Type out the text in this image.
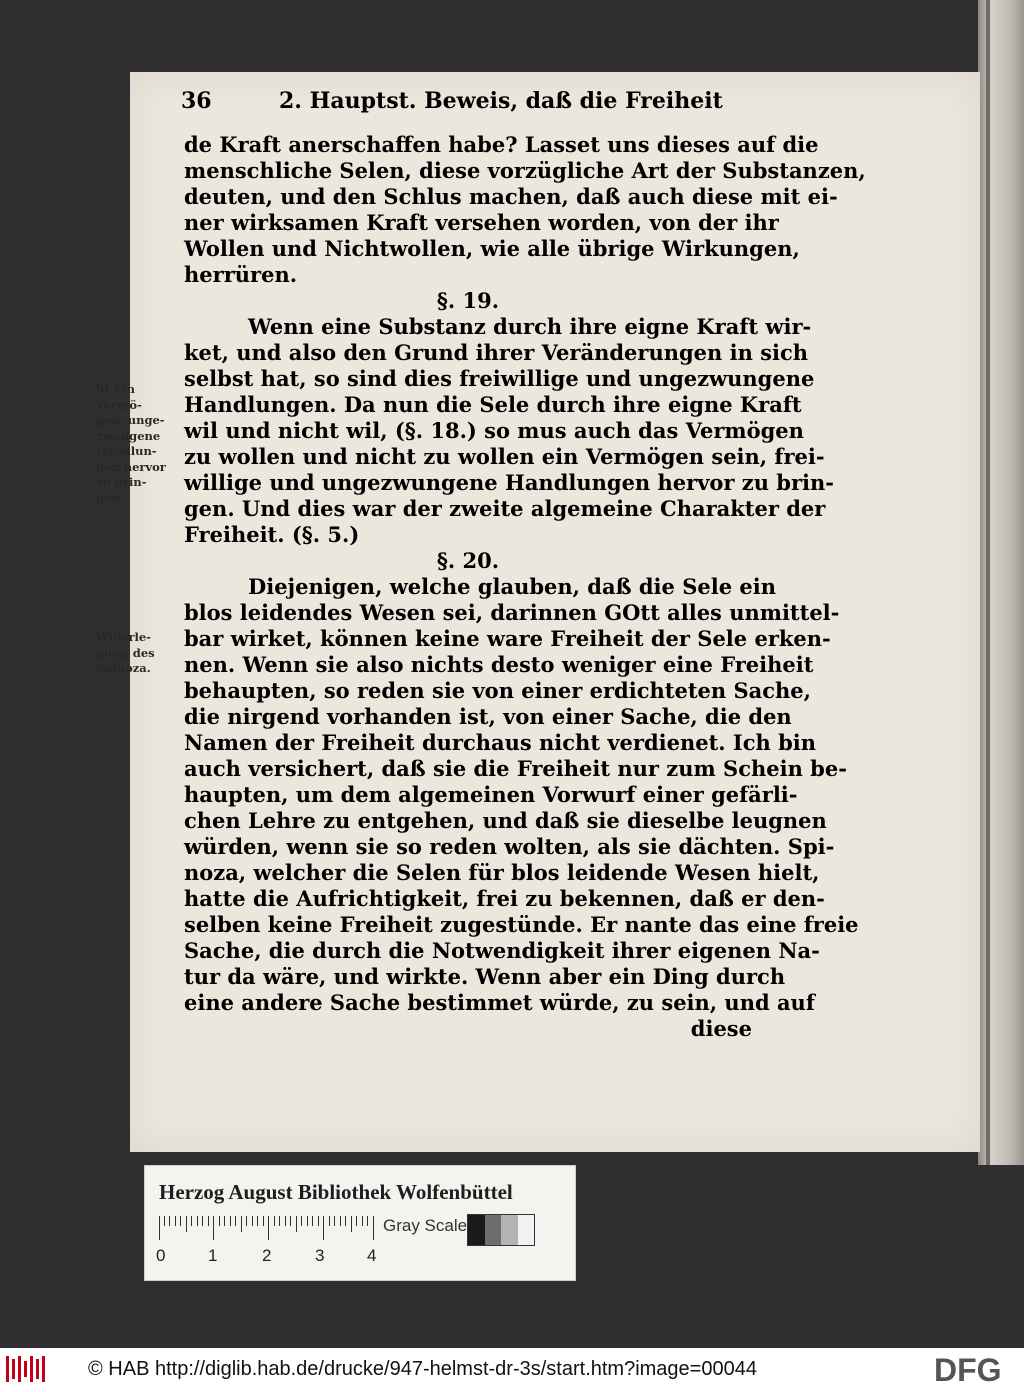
36	2. Hauptst. Beweis, daß die Freiheit
de Kraft anerschaffen habe? Lasset uns dieses auf die
menschliche Selen, diese vorzügliche Art der Substanzen,
deuten, und den Schlus machen, daß auch diese mit ei-
ner wirksamen Kraft versehen worden, von der ihr
Wollen und Nichtwollen, wie alle übrige Wirkungen,
herrüren.
§. 19.
Wenn eine Substanz durch ihre eigne Kraft wir-
ket, und also den Grund ihrer Veränderungen in sich
selbst hat, so sind dies freiwillige und ungezwungene
Handlungen. Da nun die Sele durch ihre eigne Kraft
wil und nicht wil, (§. 18.) so mus auch das Vermögen
zu wollen und nicht zu wollen ein Vermögen sein, frei-
willige und ungezwungene Handlungen hervor zu brin-
gen. Und dies war der zweite algemeine Charakter der
Freiheit. (§. 5.)
§. 20.
Diejenigen, welche glauben, daß die Sele ein
blos leidendes Wesen sei, darinnen GOtt alles unmittel-
bar wirket, können keine ware Freiheit der Sele erken-
nen. Wenn sie also nichts desto weniger eine Freiheit
behaupten, so reden sie von einer erdichteten Sache,
die nirgend vorhanden ist, von einer Sache, die den
Namen der Freiheit durchaus nicht verdienet. Ich bin
auch versichert, daß sie die Freiheit nur zum Schein be-
haupten, um dem algemeinen Vorwurf einer gefärli-
chen Lehre zu entgehen, und daß sie dieselbe leugnen
würden, wenn sie so reden wolten, als sie dächten. Spi-
noza, welcher die Selen für blos leidende Wesen hielt,
hatte die Aufrichtigkeit, frei zu bekennen, daß er den-
selben keine Freiheit zugestünde. Er nante das eine freie
Sache, die durch die Notwendigkeit ihrer eigenen Na-
tur da wäre, und wirkte. Wenn aber ein Ding durch
eine andere Sache bestimmet würde, zu sein, und auf
diese
b) Ein
Vermö-
gen, unge-
zwungene
Handlun-
gen hervor
zu brin-
gen.
Widerle-
gung des
Spinoza.
Herzog August Bibliothek Wolfenbüttel
0	1	2	3	4
Gray Scale
© HAB http://diglib.hab.de/drucke/947-helmst-dr-3s/start.htm?image=00044	DFG
